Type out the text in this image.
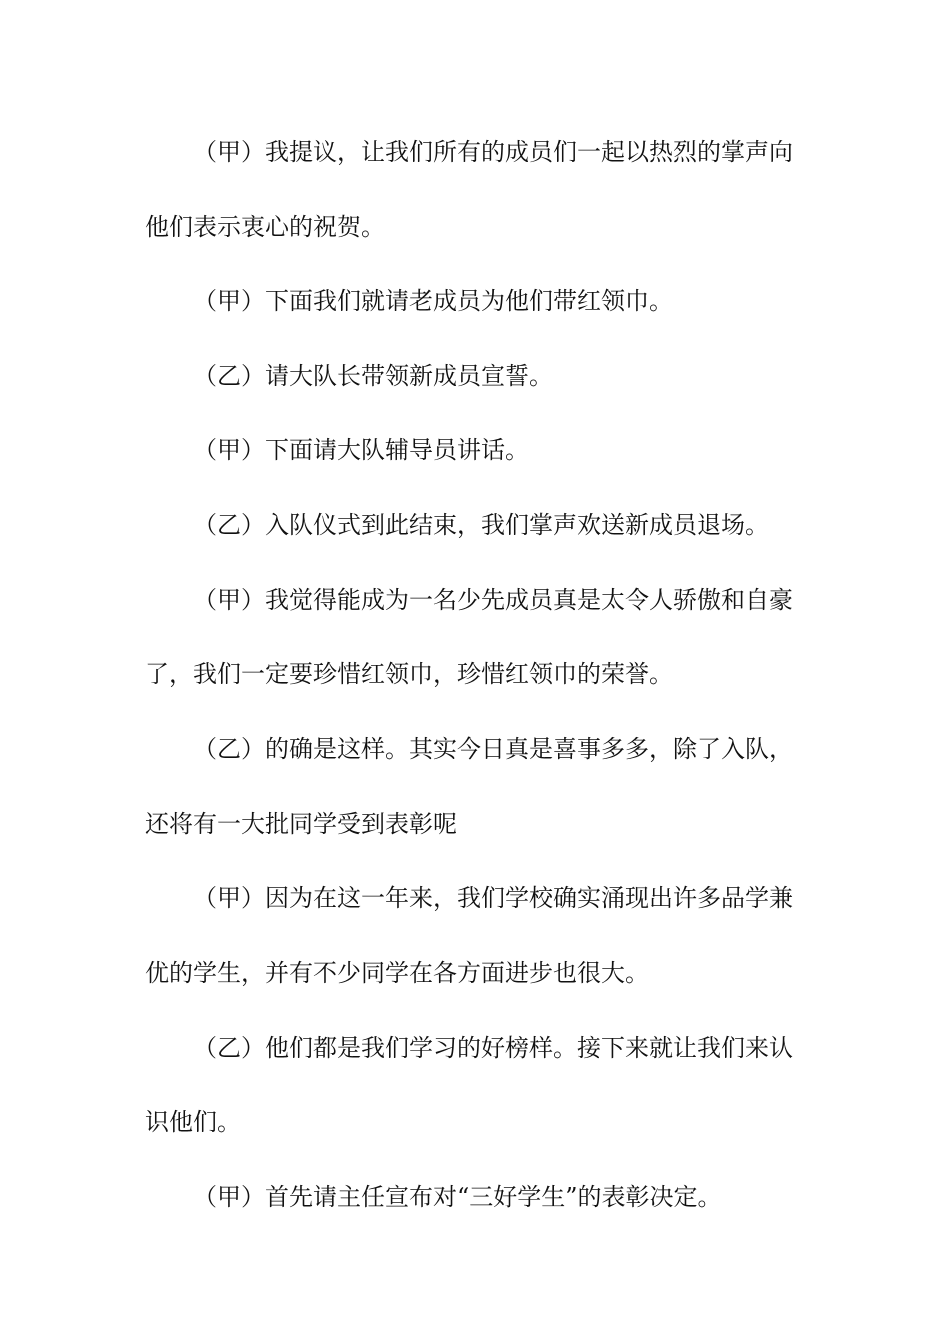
（甲）我提议，让我们所有的成员们一起以热烈的掌声向
他们表示衷心的祝贺。
（甲）下面我们就请老成员为他们带红领巾。
（乙）请大队长带领新成员宣誓。
（甲）下面请大队辅导员讲话。
（乙）入队仪式到此结束，我们掌声欢送新成员退场。
（甲）我觉得能成为一名少先成员真是太令人骄傲和自豪
了，我们一定要珍惜红领巾，珍惜红领巾的荣誉。
（乙）的确是这样。其实今日真是喜事多多，除了入队，
还将有一大批同学受到表彰呢
（甲）因为在这一年来，我们学校确实涌现出许多品学兼
优的学生，并有不少同学在各方面进步也很大。
（乙）他们都是我们学习的好榜样。接下来就让我们来认
识他们。
（甲）首先请主任宣布对“三好学生”的表彰决定。
